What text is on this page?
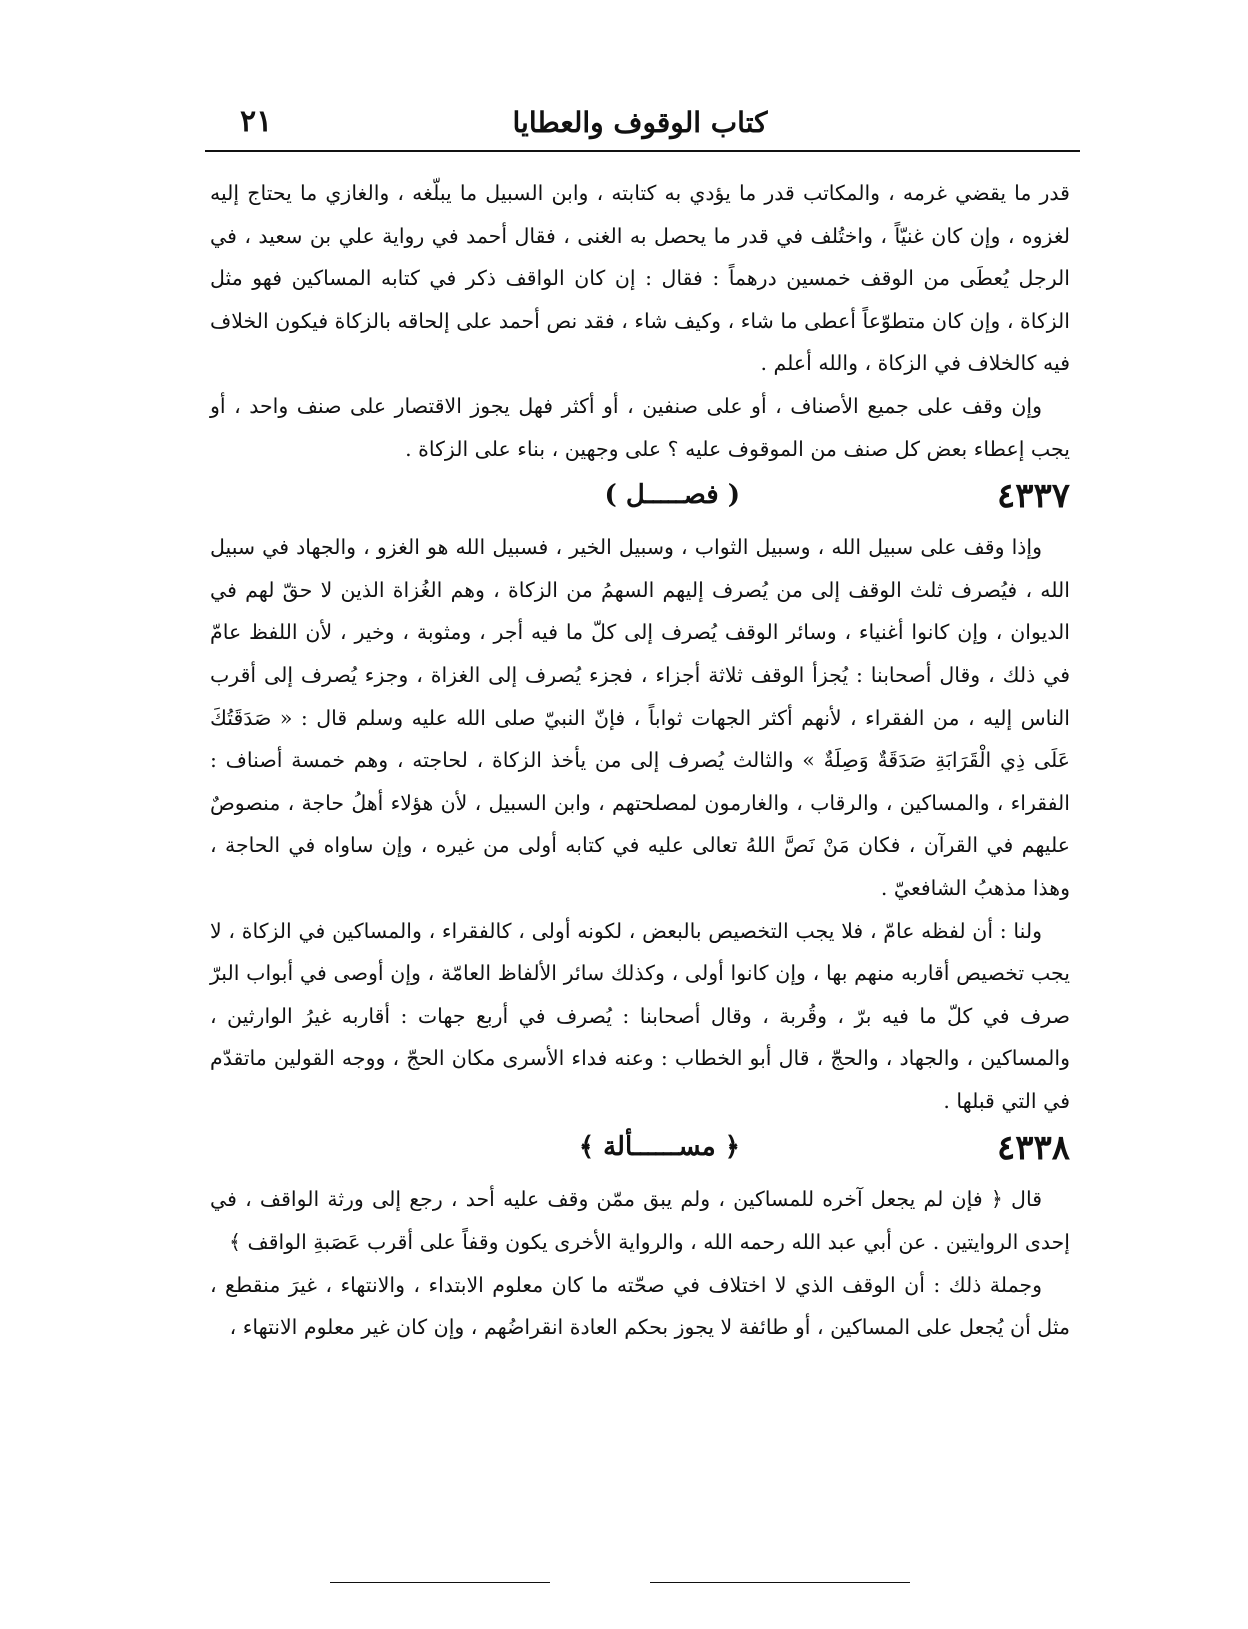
كتاب الوقوف والعطايا
٢١

قدر ما يقضي غرمه ، والمكاتب قدر ما يؤدي به كتابته ، وابن السبيل ما يبلّغه ، والغازي ما يحتاج إليه لغزوه ، وإن كان غنيّاً ، واختُلف في قدر ما يحصل به الغنى ، فقال أحمد في رواية علي بن سعيد ، في الرجل يُعطَى من الوقف خمسين درهماً : فقال : إن كان الواقف ذكر في كتابه المساكين فهو مثل الزكاة ، وإن كان متطوّعاً أعطى ما شاء ، وكيف شاء ، فقد نص أحمد على إلحاقه بالزكاة فيكون الخلاف فيه كالخلاف في الزكاة ، والله أعلم .

وإن وقف على جميع الأصناف ، أو على صنفين ، أو أكثر فهل يجوز الاقتصار على صنف واحد ، أو يجب إعطاء بعض كل صنف من الموقوف عليه ؟ على وجهين ، بناء على الزكاة .

٤٣٣٧
( فصـــــل )

وإذا وقف على سبيل الله ، وسبيل الثواب ، وسبيل الخير ، فسبيل الله هو الغزو ، والجهاد في سبيل الله ، فيُصرف ثلث الوقف إلى من يُصرف إليهم السهمُ من الزكاة ، وهم الغُزاة الذين لا حقّ لهم في الديوان ، وإن كانوا أغنياء ، وسائر الوقف يُصرف إلى كلّ ما فيه أجر ، ومثوبة ، وخير ، لأن اللفظ عامّ في ذلك ، وقال أصحابنا : يُجزأ الوقف ثلاثة أجزاء ، فجزء يُصرف إلى الغزاة ، وجزء يُصرف إلى أقرب الناس إليه ، من الفقراء ، لأنهم أكثر الجهات ثواباً ، فإنّ النبيّ صلى الله عليه وسلم قال : « صَدَقَتُكَ عَلَى ذِي الْقَرَابَةِ صَدَقَةٌ وَصِلَةٌ » والثالث يُصرف إلى من يأخذ الزكاة ، لحاجته ، وهم خمسة أصناف : الفقراء ، والمساكين ، والرقاب ، والغارمون لمصلحتهم ، وابن السبيل ، لأن هؤلاء أهلُ حاجة ، منصوصٌ عليهم في القرآن ، فكان مَنْ نَصَّ اللهُ تعالى عليه في كتابه أولى من غيره ، وإن ساواه في الحاجة ، وهذا مذهبُ الشافعيّ .

ولنا : أن لفظه عامّ ، فلا يجب التخصيص بالبعض ، لكونه أولى ، كالفقراء ، والمساكين في الزكاة ، لا يجب تخصيص أقاربه منهم بها ، وإن كانوا أولى ، وكذلك سائر الألفاظ العامّة ، وإن أوصى في أبواب البرّ صرف في كلّ ما فيه برّ ، وقُربة ، وقال أصحابنا : يُصرف في أربع جهات : أقاربه غيرُ الوارثين ، والمساكين ، والجهاد ، والحجّ ، قال أبو الخطاب : وعنه فداء الأسرى مكان الحجّ ، ووجه القولين ماتقدّم في التي قبلها .

٤٣٣٨
﴿ مســــــألة ﴾

قال ﴿ فإن لم يجعل آخره للمساكين ، ولم يبق ممّن وقف عليه أحد ، رجع إلى ورثة الواقف ، في إحدى الروايتين . عن أبي عبد الله رحمه الله ، والرواية الأخرى يكون وقفاً على أقرب عَصَبةِ الواقف ﴾

وجملة ذلك : أن الوقف الذي لا اختلاف في صحّته ما كان معلوم الابتداء ، والانتهاء ، غيرَ منقطع ، مثل أن يُجعل على المساكين ، أو طائفة لا يجوز بحكم العادة انقراضُهم ، وإن كان غير معلوم الانتهاء ،
